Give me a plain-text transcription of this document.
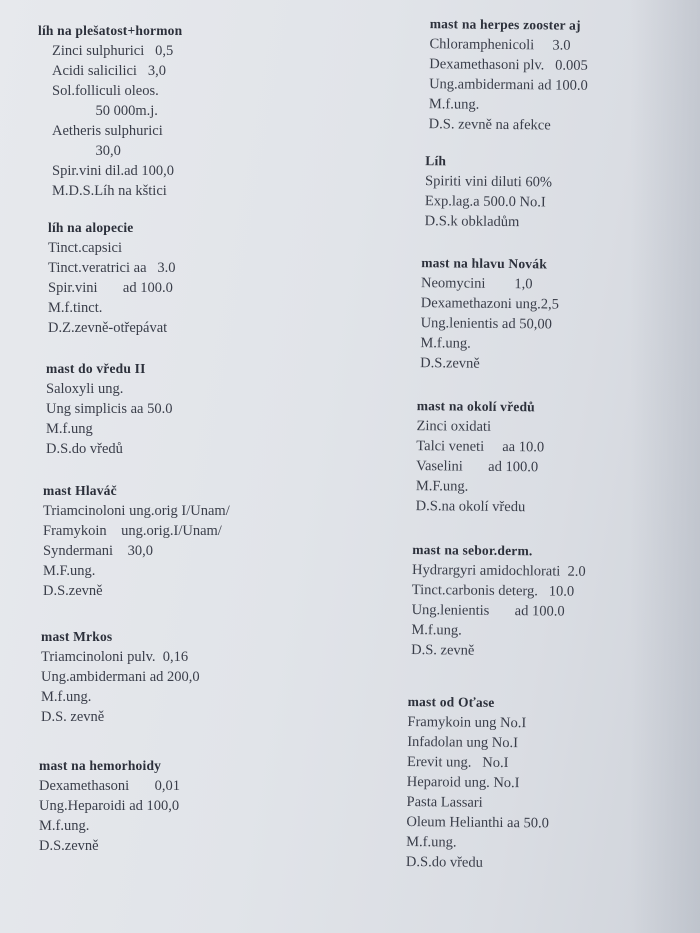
líh na plešatost+hormon
Zinci sulphurici   0,5
Acidi salicilici   3,0
Sol.folliculi oleos.
50 000m.j.
Aetheris sulphurici
30,0
Spir.vini dil.ad 100,0
M.D.S.Líh na kštici
líh na alopecie
Tinct.capsici
Tinct.veratrici aa   3.0
Spir.vini       ad 100.0
M.f.tinct.
D.Z.zevně-otřepávat
mast do vředu II
Saloxyli ung.
Ung simplicis aa 50.0
M.f.ung
D.S.do vředů
mast Hlaváč
Triamcinoloni ung.orig I/Unam/
Framykoin    ung.orig.I/Unam/
Syndermani    30,0
M.F.ung.
D.S.zevně
mast Mrkos
Triamcinoloni pulv.  0,16
Ung.ambidermani ad 200,0
M.f.ung.
D.S. zevně
mast na hemorhoidy
Dexamethasoni       0,01
Ung.Heparoidi ad 100,0
M.f.ung.
D.S.zevně
mast na herpes zooster aj
Chloramphenicoli     3.0
Dexamethasoni plv.   0.005
Ung.ambidermani ad 100.0
M.f.ung.
D.S. zevně na afekce
Líh
Spiriti vini diluti 60%
Exp.lag.a 500.0 No.I
D.S.k obkladům
mast na hlavu Novák
Neomycini        1,0
Dexamethazoni ung.2,5
Ung.lenientis ad 50,00
M.f.ung.
D.S.zevně
mast na okolí vředů
Zinci oxidati
Talci veneti     aa 10.0
Vaselini       ad 100.0
M.F.ung.
D.S.na okolí vředu
mast na sebor.derm.
Hydrargyri amidochlorati  2.0
Tinct.carbonis deterg.   10.0
Ung.lenientis       ad 100.0
M.f.ung.
D.S. zevně
mast od Oťase
Framykoin ung No.I
Infadolan ung No.I
Erevit ung.   No.I
Heparoid ung. No.I
Pasta Lassari
Oleum Helianthi aa 50.0
M.f.ung.
D.S.do vředu
